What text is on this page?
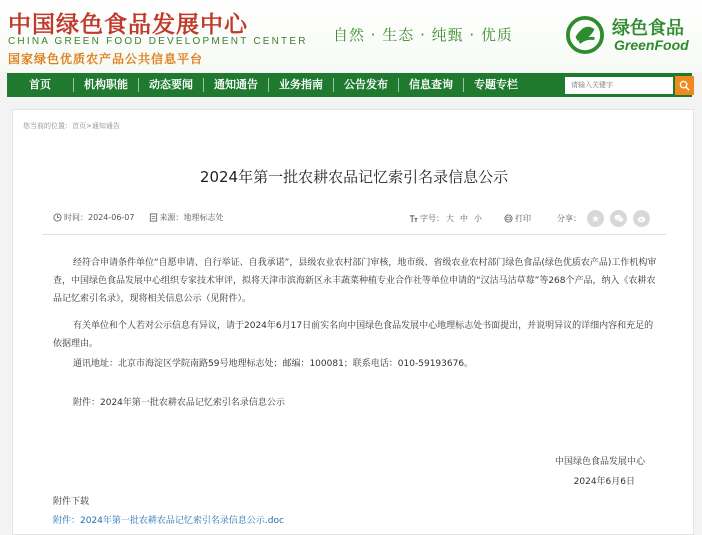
中国绿色食品发展中心
CHINA GREEN FOOD DEVELOPMENT CENTER
国家绿色优质农产品公共信息平台
自然 · 生态 · 纯甄 · 优质	绿色食品
GreenFood
首页	机构职能	动态要闻	通知通告	业务指南	公告发布	信息查询	专题专栏
请输入关键字
您当前的位置：首页>通知通告
2024年第一批农耕农品记忆索引名录信息公示
时间：2024-06-07	来源：地理标志处	字号： 大 中 小	打印	分享：
经符合申请条件单位“自愿申请、自行举证、自我承诺”，县级农业农村部门审核，地市级、省级农业农村部门绿色食品(绿色优质农产品)工作机构审查，中国绿色食品发展中心组织专家技术审评，拟将天津市滨海新区永丰蔬菜种植专业合作社等单位申请的“汉沽马沽草莓”等268个产品，纳入《农耕农品记忆索引名录》，现将相关信息公示（见附件）。
有关单位和个人若对公示信息有异议，请于2024年6月17日前实名向中国绿色食品发展中心地理标志处书面提出，并说明异议的详细内容和充足的依据理由。
通讯地址：北京市海淀区学院南路59号地理标志处；邮编：100081；联系电话：010-59193676。
附件：2024年第一批农耕农品记忆索引名录信息公示
中国绿色食品发展中心
2024年6月6日
附件下载
附件：2024年第一批农耕农品记忆索引名录信息公示.doc
